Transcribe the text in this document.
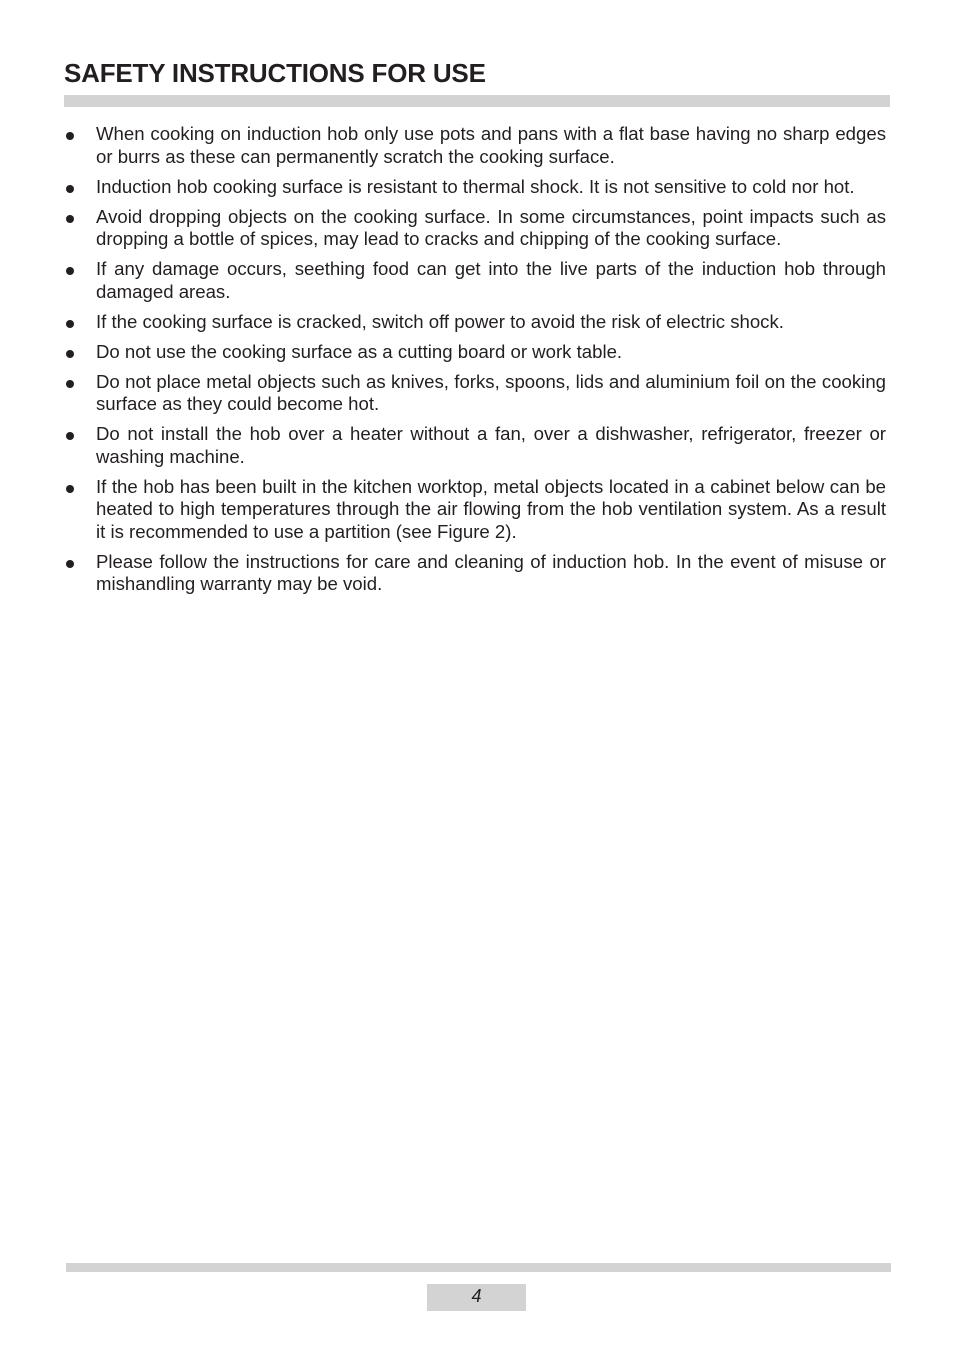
SAFETY INSTRUCTIONS FOR USE
When cooking on induction hob only use pots and pans with a flat base having no sharp edges or burrs as these can permanently scratch the cooking surface.
Induction hob cooking surface is resistant to thermal shock. It is not sensitive to cold nor hot.
Avoid dropping objects on the cooking surface. In some circumstances, point impacts such as dropping a bottle of spices, may lead to cracks and chipping of the cooking surface.
If any damage occurs, seething food can get into the live parts of the induction hob through damaged areas.
If the cooking surface is cracked, switch off power to avoid the risk of electric shock.
Do not use the cooking surface as a cutting board or work table.
Do not place metal objects such as knives, forks, spoons, lids and aluminium foil on the cooking surface as they could become hot.
Do not install the hob over a heater without a fan, over a dishwasher, refrigerator, freezer or washing machine.
If the hob has been built in the kitchen worktop, metal objects located in a cabinet below can be heated to high temperatures through the air flowing from the hob ventilation system. As a result it is recommended to use a partition (see Figure 2).
Please follow the instructions for care and cleaning of induction hob. In the event of misuse or mishandling warranty may be void.
4
